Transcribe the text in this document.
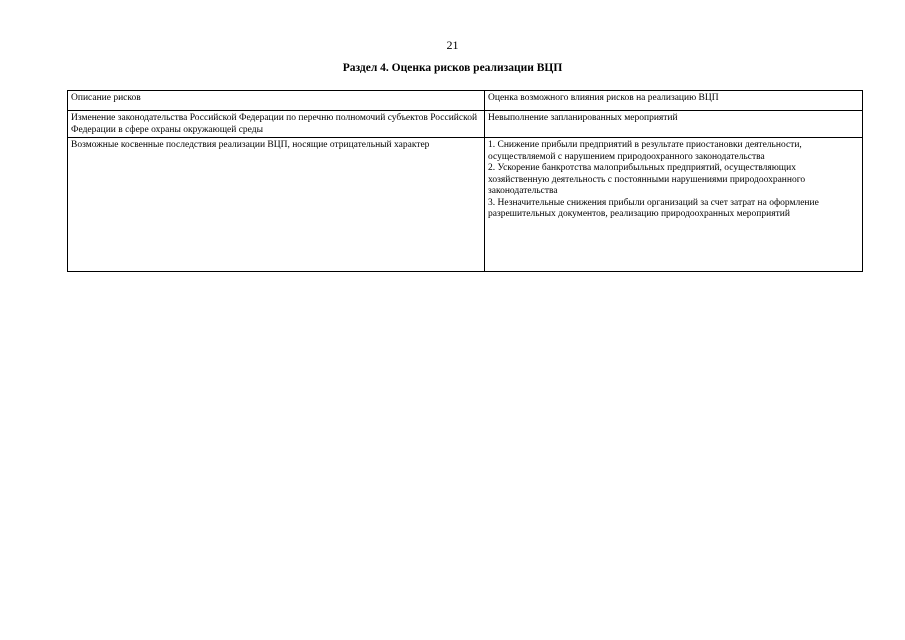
21
Раздел 4. Оценка рисков реализации ВЦП
Описание рисков	Оценка возможного влияния рисков на реализацию ВЦП
Изменение законодательства Российской Федерации по перечню полномочий субъектов Российской Федерации в сфере охраны окружающей среды	Невыполнение запланированных мероприятий

Возможные косвенные последствия реализации ВЦП, носящие отрицательный характер	1. Снижение прибыли предприятий в результате приостановки деятельности, осуществляемой с нарушением природоохранного законодательства
2. Ускорение банкротства малоприбыльных предприятий, осуществляющих хозяйственную деятельность с постоянными нарушениями природоохранного законодательства
3. Незначительные снижения прибыли организаций за счет затрат на оформление разрешительных документов, реализацию природоохранных мероприятий
